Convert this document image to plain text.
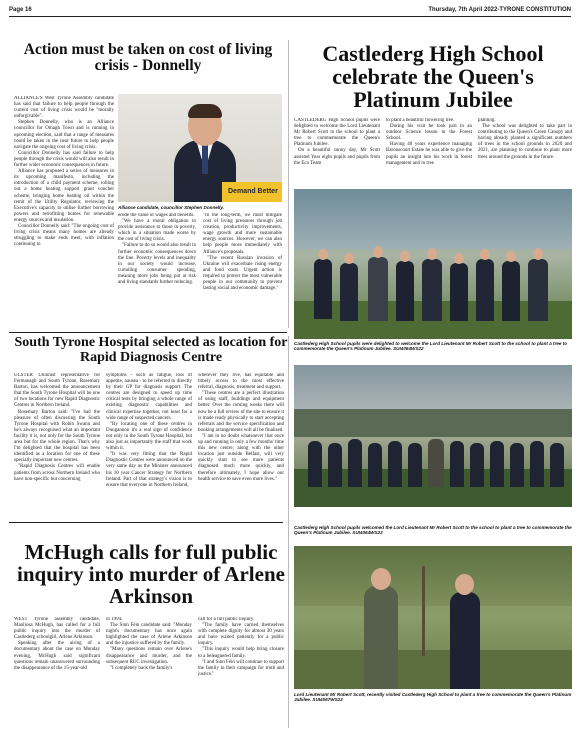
Page 16	Thursday, 7th April 2022-TYRONE CONSTITUTION
Action must be taken on cost of living crisis - Donnelly

ALLIANCE'S West Tyrone Assembly candidate has said that failure to help people through the current cost of living crisis would be "morally unforgivable".

Stephen Donnelly, who is an Alliance councillor for Omagh Town and is running in upcoming election, said that a range of measures could be taken in the near future to help people navigate the ongoing cost of living crisis.

Councillor Donnelly has said failure to help people through the crisis would will also result in further wider economic consequences in future.

Alliance has proposed a series of measures in its upcoming manifesto, including the introduction of a child payment scheme, rolling out a home heating support grant voucher scheme, bringing home heating oil within the remit of the Utility Regulator, reviewing the Executive's capacity to utilise further borrowing powers and retrofitting homes for renewable energy sources and insulation.

Councillor Donnelly said: "The ongoing cost of living crisis means many homes are already struggling to make ends meet, with inflation continuing to

Demand Better
Alliance candidate, councillor Stephen Donnelly.

erode the value of wages and benefits.

"We have a moral obligation to provide assistance to those in poverty, which in a situation made worse by the cost of living crisis.

"Failure to do so would also result in further economic consequences down the line. Poverty levels and inequality in our society would increase, curtailing consumer spending, meaning more jobs being put at risk and living standards further reducing.

"In the long-term, we must mitigate cost of living pressures through job creation, productivity improvements, wage growth and more sustainable energy sources. However, we can also help people more immediately with Alliance's proposals.

"The recent Russian invasion of Ukraine will exacerbate rising energy and food costs. Urgent action is required to protect the most vulnerable people in our community to prevent lasting social and economic damage."

Castlederg High School celebrate the Queen's Platinum Jubilee

CASTLEDERG High School pupils were delighted to welcome the Lord Lieutenant Mr Robert Scott to the school to plant a tree to commemorate the Queen's Platinum Jubilee.

On a beautiful sunny day, Mr Scott assisted Year eight pupils and pupils from the Eco Team

to plant a beautiful flowering tree.

During his visit he took part in an outdoor Science lesson in the Forest School.

Having 40 years experience managing Baronscourt Estate he was able to give the pupils an insight into his work in forest management and in tree

planting.

The school was delighted to take part in contributing to the Queen's Green Canopy and having already planted a significant numbers of trees in the school grounds in 2020 and 2021, are planning to continue to plant more trees around the grounds in the future.

Castlederg High School pupils were delighted to welcome the Lord Lieutenant Mr Robert Scott to the school to plant a tree to commemorate the Queen's Platinum Jubilee. SUI4064WS22
Castlederg High School pupils welcomed the Lord Lieutenant Mr Robert Scott to the school to plant a tree to commemorate the Queen's Platinum Jubilee. SUI4064WS22
Lord Lieutenant Mr Robert Scott, recently visited Castlederg High School to plant a tree to commemorate the Queen's Platinum Jubilee. SUI4067WS22
South Tyrone Hospital selected as location for Rapid Diagnosis Centre

ULSTER Unionist representative for Fermanagh and South Tyrone, Rosemary Barton, has welcomed the announcement that the South Tyrone Hospital will be one of two locations for new Rapid Diagnostic Centres in Northern Ireland.

Rosemary Barton said: "I've had the pleasure of often discussing the South Tyrone Hospital with Robin Swann and he's always recognised what an important facility it is, not only for the South Tyrone area but for the whole region. That's why I'm delighted that the hospital has been identified as a location for one of these specially important new centres.

"Rapid Diagnosis Centres will enable patients from across Northern Ireland who have non-specific but concerning

symptoms - such as fatigue, loss of appetite, nausea - to be referred to directly by their GP for diagnosis support. The centres are designed to speed up time critical tests by bringing a whole range of existing diagnostic capabilities and clinical expertise together, not least for a wide range of suspected cancers.

"By locating one of these centres in Dungannon it's a real sign of confidence not only in the South Tyrone Hospital, but also just as importantly the staff that work within it.

"It was very fitting that the Rapid Diagnostic Centres were announced on the very same day as the Minister announced his 10 year Cancer Strategy for Northern Ireland. Part of that strategy's vision is to ensure that everyone in Northern Ireland,

wherever they live, has equitable and timely access to the most effective referral, diagnosis, treatment and support.

"These centres are a perfect illustration of using staff, buildings and equipment better. Over the coming weeks there will now be a full review of the site to ensure it is made ready physically to start accepting referrals and the service specification and booking arrangements will all be finalised.

"I am in no doubt whatsoever that once up and running in only a few months' time this new centre, along with the other location just outside Belfast, will very quickly start to see more patients diagnosed much more quickly, and therefore ultimately, I hope allow our health service to save even more lives."

McHugh calls for full public inquiry into murder of Arlene Arkinson

WEST Tyrone assembly candidate, Maolíosa McHugh, has called for a full public inquiry into the murder of Castlederg schoolgirl, Arlene Arkinson.

Speaking after the airing of a documentary about the case on Monday evening, McHugh said significant questions remain unanswered surrounding the disappearance of the 15-year-old

in 1994.

The Sinn Féin candidate said: "Monday night's documentary has once again highlighted the case of Arlene Arkinson and the injustice suffered by the family.

"Many questions remain over Arlene's disappearance and murder, and the subsequent RUC investigation.

"I completely back the family's

call for a full public inquiry.

"The family have carried themselves with complete dignity for almost 30 years and have waited patiently for a public inquiry.

"This inquiry would help bring closure to a beleaguered family.

"I and Sinn Féin will continue to support the family in their campaign for truth and justice."
